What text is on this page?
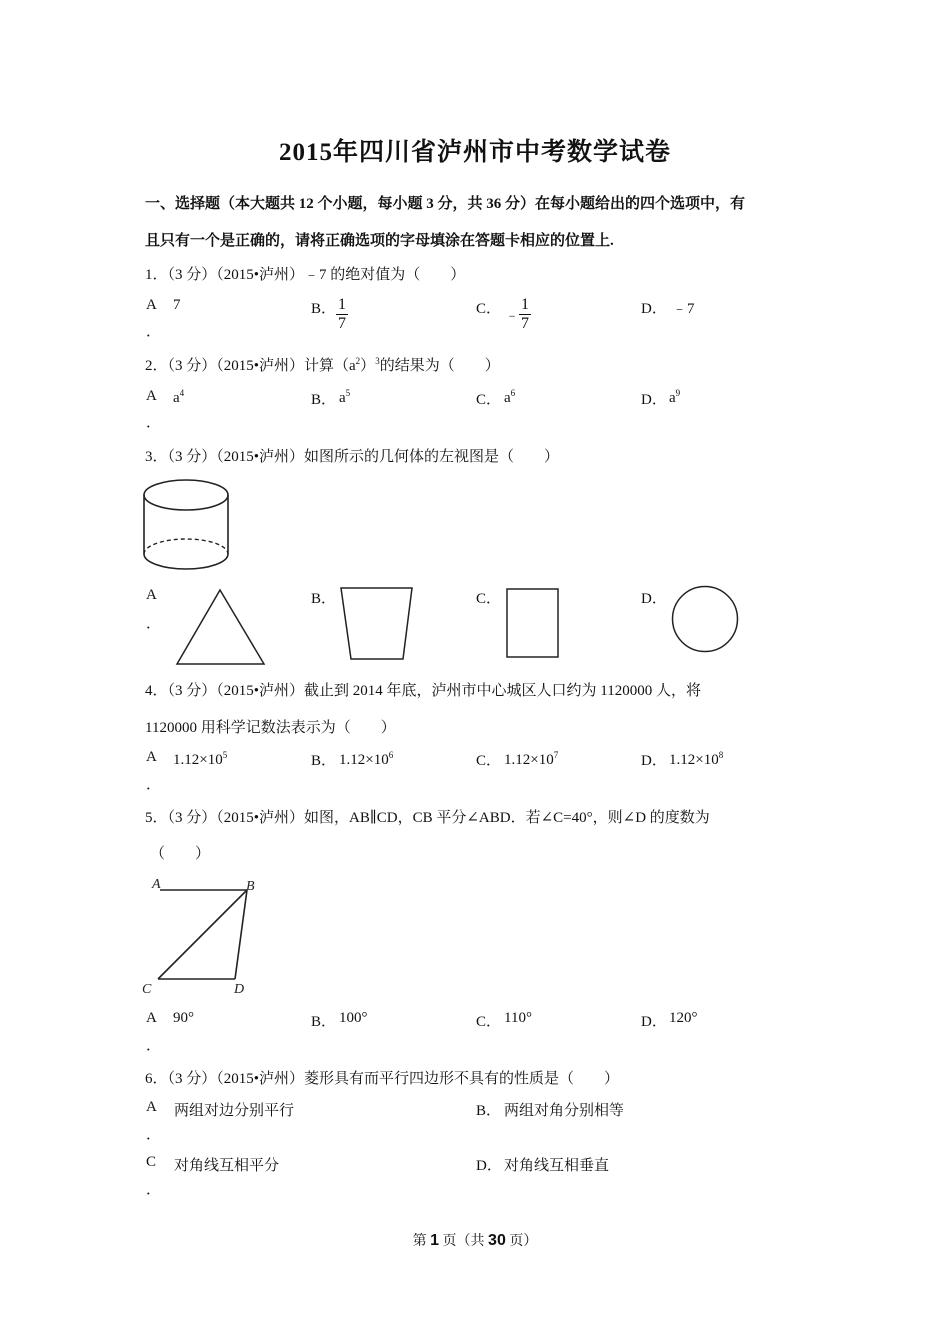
2015年四川省泸州市中考数学试卷
一、选择题（本大题共 12 个小题，每小题 3 分，共 36 分）在每小题给出的四个选项中，有
且只有一个是正确的，请将正确选项的字母填涂在答题卡相应的位置上.
1．（3 分）（2015•泸州）﹣7 的绝对值为（　　）
A
．
7	B． $\frac{1}{7}$	C． ﹣ $\frac{1}{7}$	D． ﹣7
2．（3 分）（2015•泸州）计算$(a^2)^3$的结果为（　　）
A
．
$a^4$	B． $a^5$	C． $a^6$	D． $a^9$
3．（3 分）（2015•泸州）如图所示的几何体的左视图是（　　）
A
．
B．	C．	D．
4．（3 分）（2015•泸州）截止到 2014 年底，泸州市中心城区人口约为 1120000 人，将
1120000 用科学记数法表示为（　　）
A
．
$1.12\times 10^5$	B． $1.12\times 10^6$	C． $1.12\times 10^7$	D． $1.12\times 10^8$
5．（3 分）（2015•泸州）如图，AB∥CD，CB 平分∠ABD．若∠C=40°，则∠D 的度数为
（　　）
A	B
C	D
A
．
90°	B． 100°	C． 110°	D． 120°
6．（3 分）（2015•泸州）菱形具有而平行四边形不具有的性质是（　　）
A
．
两组对边分别平行	B． 两组对角分别相等
C
．
对角线互相平分	D． 对角线互相垂直
第 1 页（共 30 页）
